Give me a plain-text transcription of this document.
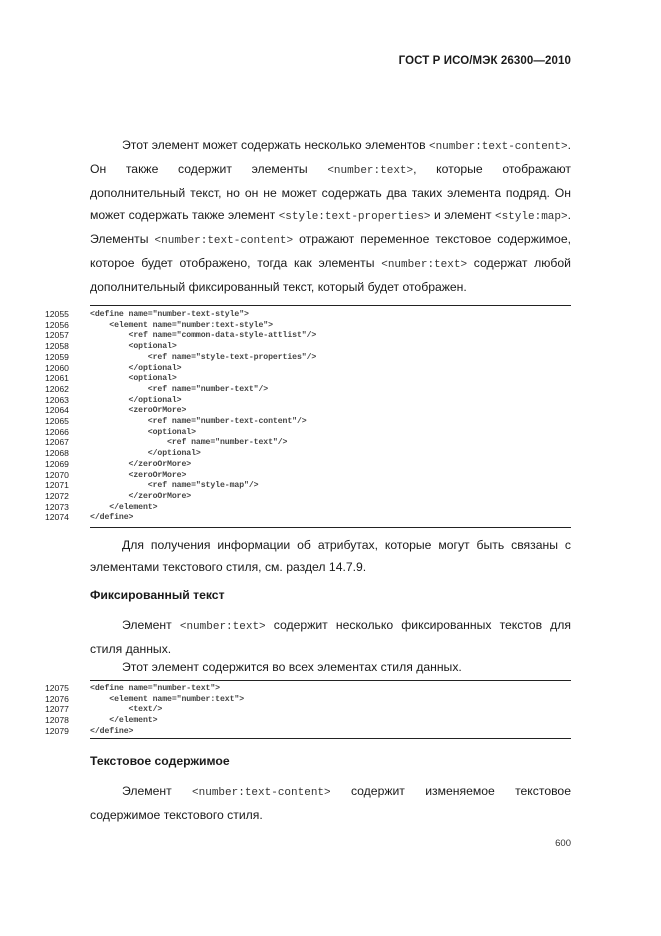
ГОСТ Р ИСО/МЭК 26300—2010
Этот элемент может содержать несколько элементов <number:text-content>. Он также содержит элементы <number:text>, которые отображают дополнительный текст, но он не может содержать два таких элемента подряд. Он может содержать также элемент <style:text-properties> и элемент <style:map>. Элементы <number:text-content> отражают переменное текстовое содержимое, которое будет отображено, тогда как элементы <number:text> содержат любой дополнительный фиксированный текст, который будет отображен.
12055	<define name="number-text-style">
12056	<element name="number:text-style">
12057	<ref name="common-data-style-attlist"/>
12058	<optional>
12059	<ref name="style-text-properties"/>
12060	</optional>
12061	<optional>
12062	<ref name="number-text"/>
12063	</optional>
12064	<zeroOrMore>
12065	<ref name="number-text-content"/>
12066	<optional>
12067	<ref name="number-text"/>
12068	</optional>
12069	</zeroOrMore>
12070	<zeroOrMore>
12071	<ref name="style-map"/>
12072	</zeroOrMore>
12073	</element>
12074	</define>
Для получения информации об атрибутах, которые могут быть связаны с элементами текстового стиля, см. раздел 14.7.9.
Фиксированный текст
Элемент <number:text> содержит несколько фиксированных текстов для стиля данных.
Этот элемент содержится во всех элементах стиля данных.
12075	<define name="number-text">
12076	<element name="number:text">
12077	<text/>
12078	</element>
12079	</define>
Текстовое содержимое
Элемент <number:text-content> содержит изменяемое текстовое содержимое текстового стиля.
600
